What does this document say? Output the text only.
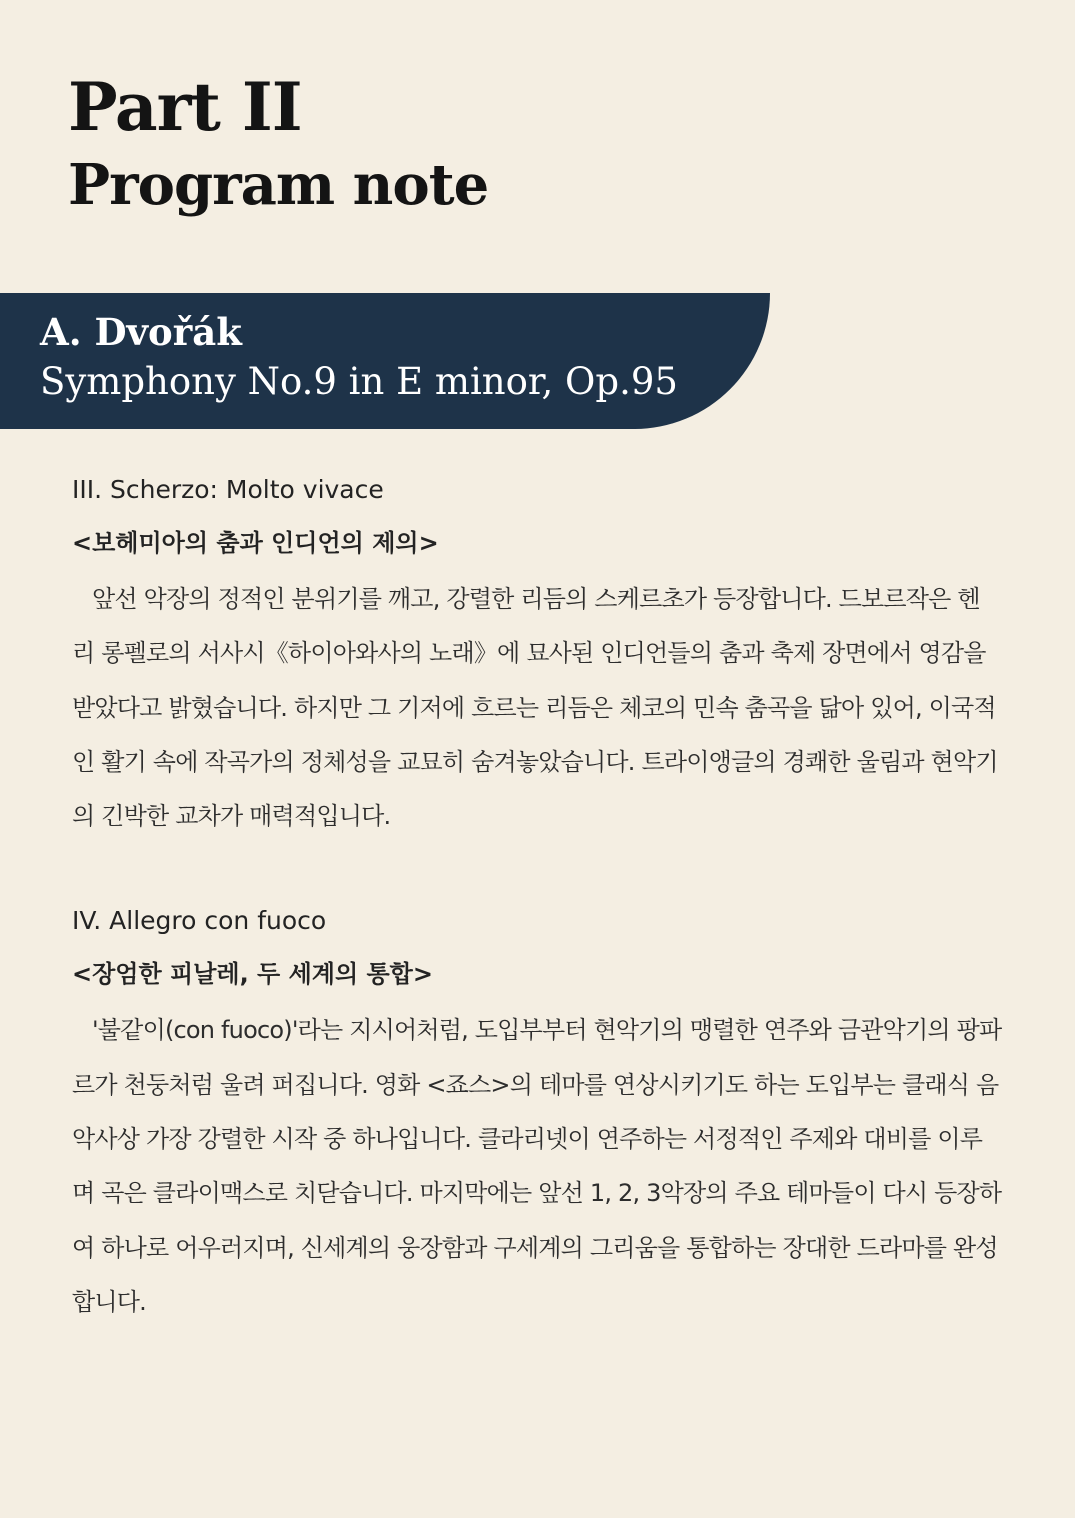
Part II
Program note
A. Dvořák
Symphony No.9 in E minor, Op.95
III. Scherzo: Molto vivace
<보헤미아의 춤과 인디언의 제의>

앞선 악장의 정적인 분위기를 깨고, 강렬한 리듬의 스케르초가 등장합니다. 드보르작은 헨리 롱펠로의 서사시《하이아와사의 노래》에 묘사된 인디언들의 춤과 축제 장면에서 영감을 받았다고 밝혔습니다. 하지만 그 기저에 흐르는 리듬은 체코의 민속 춤곡을 닮아 있어, 이국적인 활기 속에 작곡가의 정체성을 교묘히 숨겨놓았습니다. 트라이앵글의 경쾌한 울림과 현악기의 긴박한 교차가 매력적입니다.

IV. Allegro con fuoco
<장엄한 피날레, 두 세계의 통합>

'불같이(con fuoco)'라는 지시어처럼, 도입부부터 현악기의 맹렬한 연주와 금관악기의 팡파르가 천둥처럼 울려 퍼집니다. 영화 <죠스>의 테마를 연상시키기도 하는 도입부는 클래식 음악사상 가장 강렬한 시작 중 하나입니다. 클라리넷이 연주하는 서정적인 주제와 대비를 이루며 곡은 클라이맥스로 치닫습니다. 마지막에는 앞선 1, 2, 3악장의 주요 테마들이 다시 등장하여 하나로 어우러지며, 신세계의 웅장함과 구세계의 그리움을 통합하는 장대한 드라마를 완성합니다.
